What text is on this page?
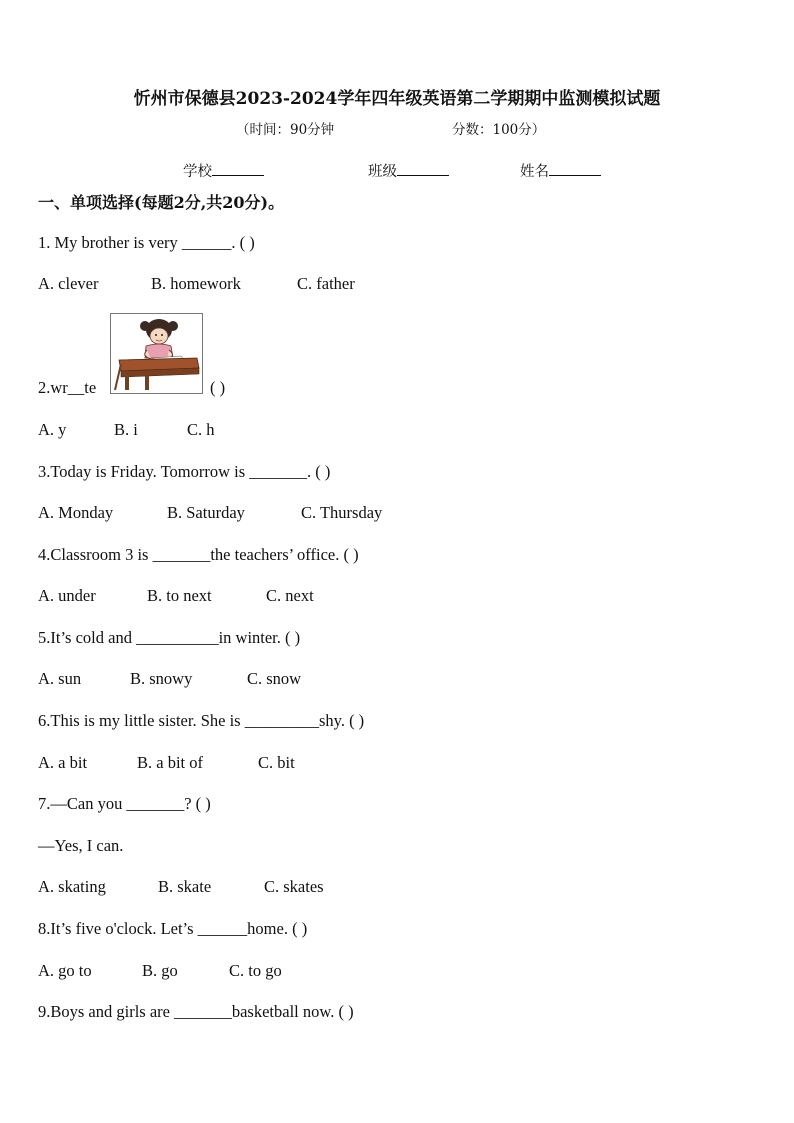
忻州市保德县2023-2024学年四年级英语第二学期期中监测模拟试题
（时间：90分钟	分数：100分）
学校	班级	姓名
一、单项选择(每题2分,共20分)。
1. My brother is very ______. ( )
A. clever	B. homework	C. father
2.wr__te	( )
A. y	B. i	C. h
3.Today is Friday. Tomorrow is _______. ( )
A. Monday	B. Saturday	C. Thursday
4.Classroom 3 is _______the teachers’ office. ( )
A. under	B. to next	C. next
5.It’s cold and __________in winter. ( )
A. sun	B. snowy	C. snow
6.This is my little sister. She is _________shy. ( )
A. a bit	B. a bit of	C. bit
7.—Can you _______? ( )
—Yes, I can.
A. skating	B. skate	C. skates
8.It’s five o'clock. Let’s ______home. ( )
A. go to	B. go	C. to go
9.Boys and girls are _______basketball now. ( )
